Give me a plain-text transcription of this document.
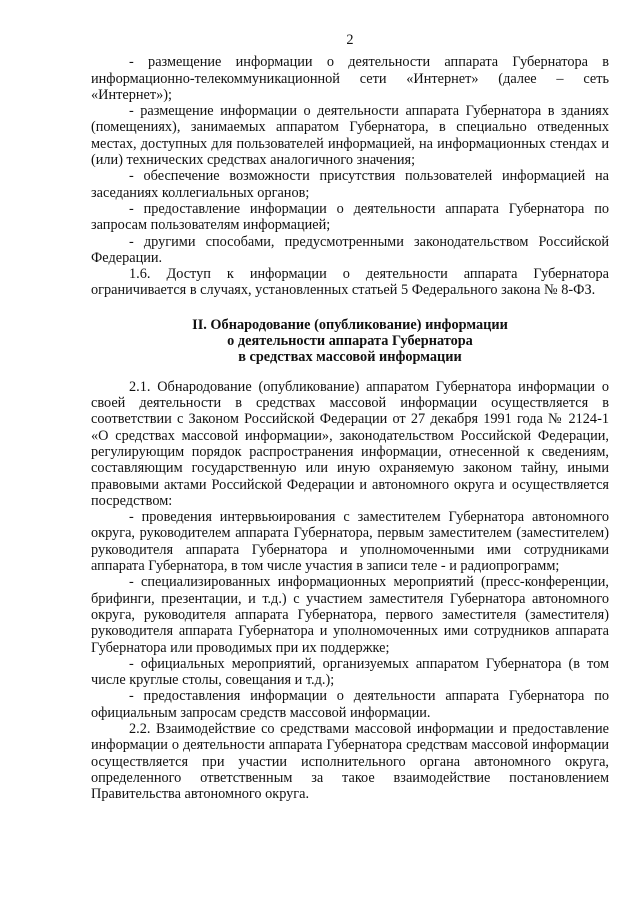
2

- размещение информации о деятельности аппарата Губернатора в информационно-телекоммуникационной сети «Интернет» (далее – сеть «Интернет»);

- размещение информации о деятельности аппарата Губернатора в зданиях (помещениях), занимаемых аппаратом Губернатора, в специально отведенных местах, доступных для пользователей информацией, на информационных стендах и (или) технических средствах аналогичного значения;

- обеспечение возможности присутствия пользователей информацией на заседаниях коллегиальных органов;

- предоставление информации о деятельности аппарата Губернатора по запросам пользователям информацией;

- другими способами, предусмотренными законодательством Российской Федерации.

1.6. Доступ к информации о деятельности аппарата Губернатора ограничивается в случаях, установленных статьей 5 Федерального закона № 8-ФЗ.

II. Обнародование (опубликование) информации
о деятельности аппарата Губернатора
в средствах массовой информации

2.1. Обнародование (опубликование) аппаратом Губернатора информации о своей деятельности в средствах массовой информации осуществляется в соответствии с Законом Российской Федерации от 27 декабря 1991 года № 2124-1 «О средствах массовой информации», законодательством Российской Федерации, регулирующим порядок распространения информации, отнесенной к сведениям, составляющим государственную или иную охраняемую законом тайну, иными правовыми актами Российской Федерации и автономного округа и осуществляется посредством:

- проведения интервьюирования с заместителем Губернатора автономного округа, руководителем аппарата Губернатора, первым заместителем (заместителем) руководителя аппарата Губернатора и уполномоченными ими сотрудниками аппарата Губернатора, в том числе участия в записи теле - и радиопрограмм;

- специализированных информационных мероприятий (пресс-конференции, брифинги, презентации, и т.д.) с участием заместителя Губернатора автономного округа, руководителя аппарата Губернатора, первого заместителя (заместителя) руководителя аппарата Губернатора и уполномоченных ими сотрудников аппарата Губернатора или проводимых при их поддержке;

- официальных мероприятий, организуемых аппаратом Губернатора (в том числе круглые столы, совещания и т.д.);

- предоставления информации о деятельности аппарата Губернатора по официальным запросам средств массовой информации.

2.2. Взаимодействие со средствами массовой информации и предоставление информации о деятельности аппарата Губернатора средствам массовой информации осуществляется при участии исполнительного органа автономного округа, определенного ответственным за такое взаимодействие постановлением Правительства автономного округа.
